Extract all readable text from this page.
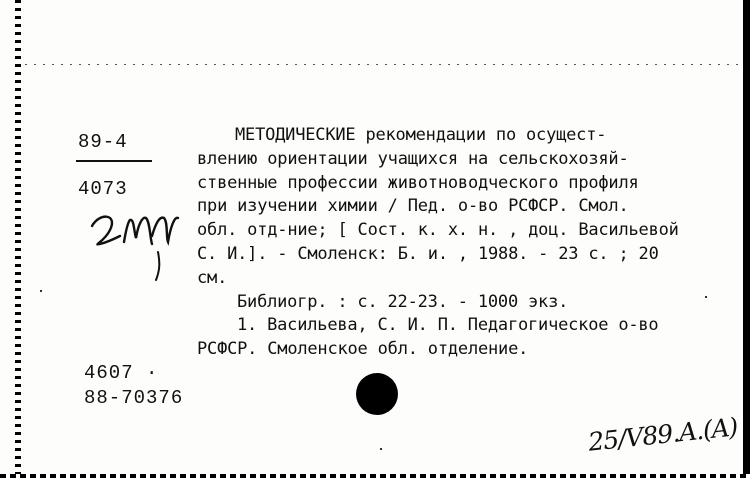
89-4
4073
4607 ·
88-70376
МЕТОДИЧЕСКИЕ рекомендации по осущест-
влению ориентации учащихся на сельскохозяй-
ственные профессии животноводческого профиля
при изучении химии / Пед. о-во РСФСР. Смол.
обл. отд-ние; [ Сост. к. х. н. , доц. Васильевой
С. И.]. - Смоленск: Б. и. , 1988. - 23 с. ; 20
см.
Библиогр. : с. 22-23. - 1000 экз.
1. Васильева, С. И. П. Педагогическое о-во
РСФСР. Смоленское обл. отделение.
25/V89.A.(A)
